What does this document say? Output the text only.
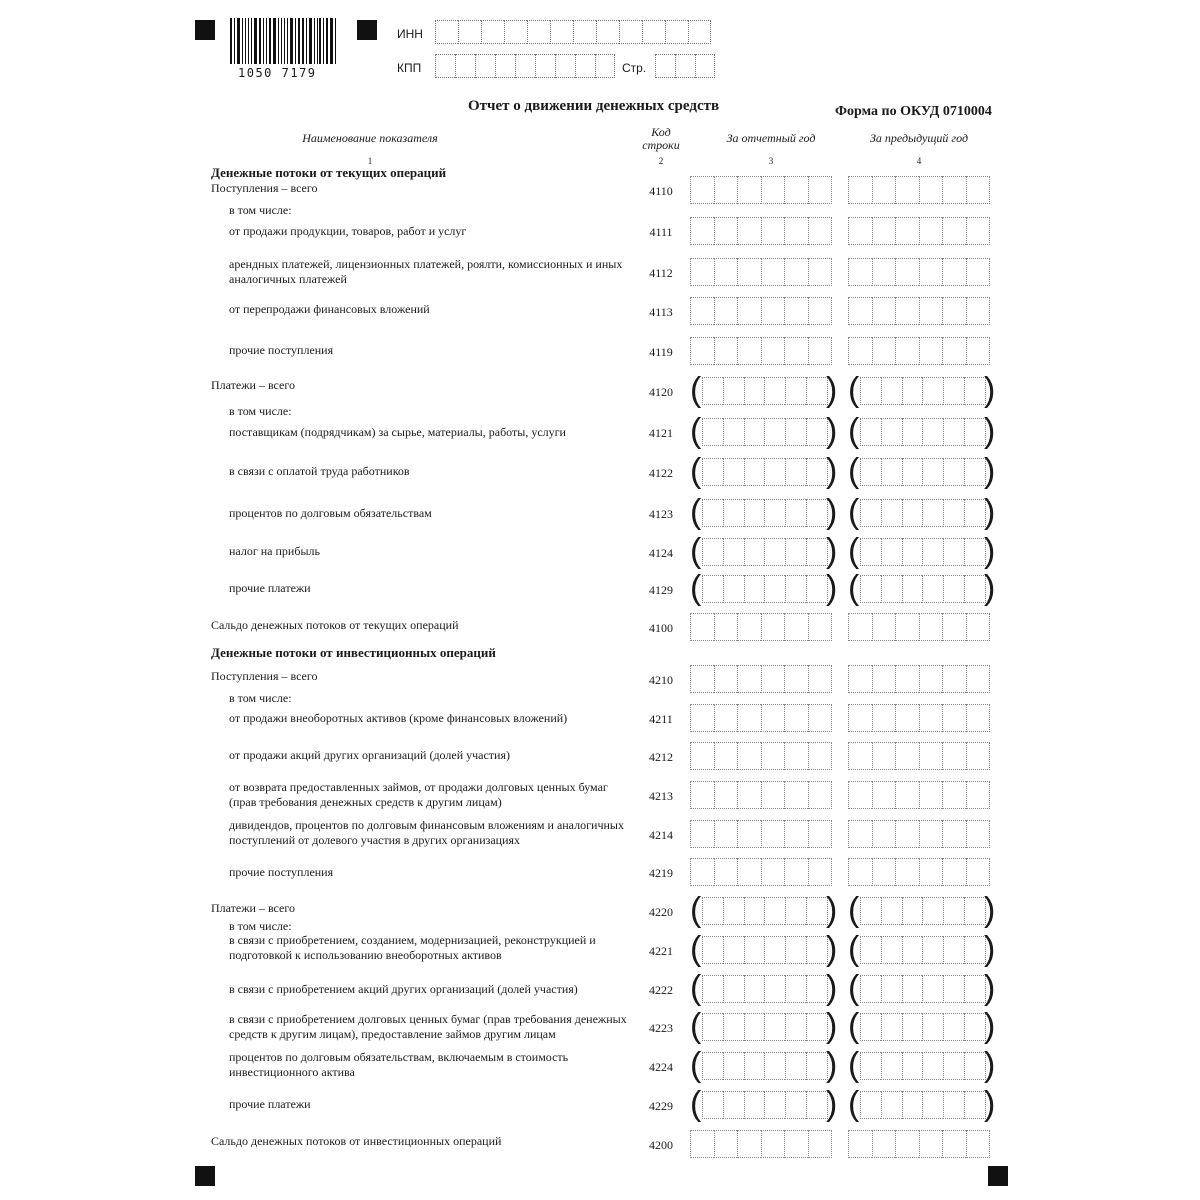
1050 7179
ИНН
КПП	Стр.
Отчет о движении денежных средств	Форма по ОКУД 0710004
Наименование показателя	Код строки	За отчетный год	За предыдущий год
1	2	3	4
Денежные потоки от текущих операций
Поступления – всего	4110
в том числе:
от продажи продукции, товаров, работ и услуг	4111
арендных платежей, лицензионных платежей, роялти, комиссионных и иных аналогичных платежей	4112
от перепродажи финансовых вложений	4113
прочие поступления	4119
Платежи – всего	4120 (	) (	)
в том числе:
поставщикам (подрядчикам) за сырье, материалы, работы, услуги	4121 (	) (	)
в связи с оплатой труда работников	4122 (	) (	)
процентов по долговым обязательствам	4123 (	) (	)
налог на прибыль	4124 (	) (	)
прочие платежи	4129 (	) (	)
Сальдо денежных потоков от текущих операций	4100
Денежные потоки от инвестиционных операций
Поступления – всего	4210
в том числе:
от продажи внеоборотных активов (кроме финансовых вложений)	4211
от продажи акций других организаций (долей участия)	4212
от возврата предоставленных займов, от продажи долговых ценных бумаг (прав требования денежных средств к другим лицам)	4213
дивидендов, процентов по долговым финансовым вложениям и аналогичных поступлений от долевого участия в других организациях	4214
прочие поступления	4219
Платежи – всего	4220 (	) (	)
в том числе:
в связи с приобретением, созданием, модернизацией, реконструкцией и подготовкой к использованию внеоборотных активов	4221 (	) (	)
в связи с приобретением акций других организаций (долей участия)	4222 (	) (	)
в связи с приобретением долговых ценных бумаг (прав требования денежных средств к другим лицам), предоставление займов другим лицам	4223 (	) (	)
процентов по долговым обязательствам, включаемым в стоимость инвестиционного актива	4224 (	) (	)
прочие платежи	4229 (	) (	)
Сальдо денежных потоков от инвестиционных операций	4200
